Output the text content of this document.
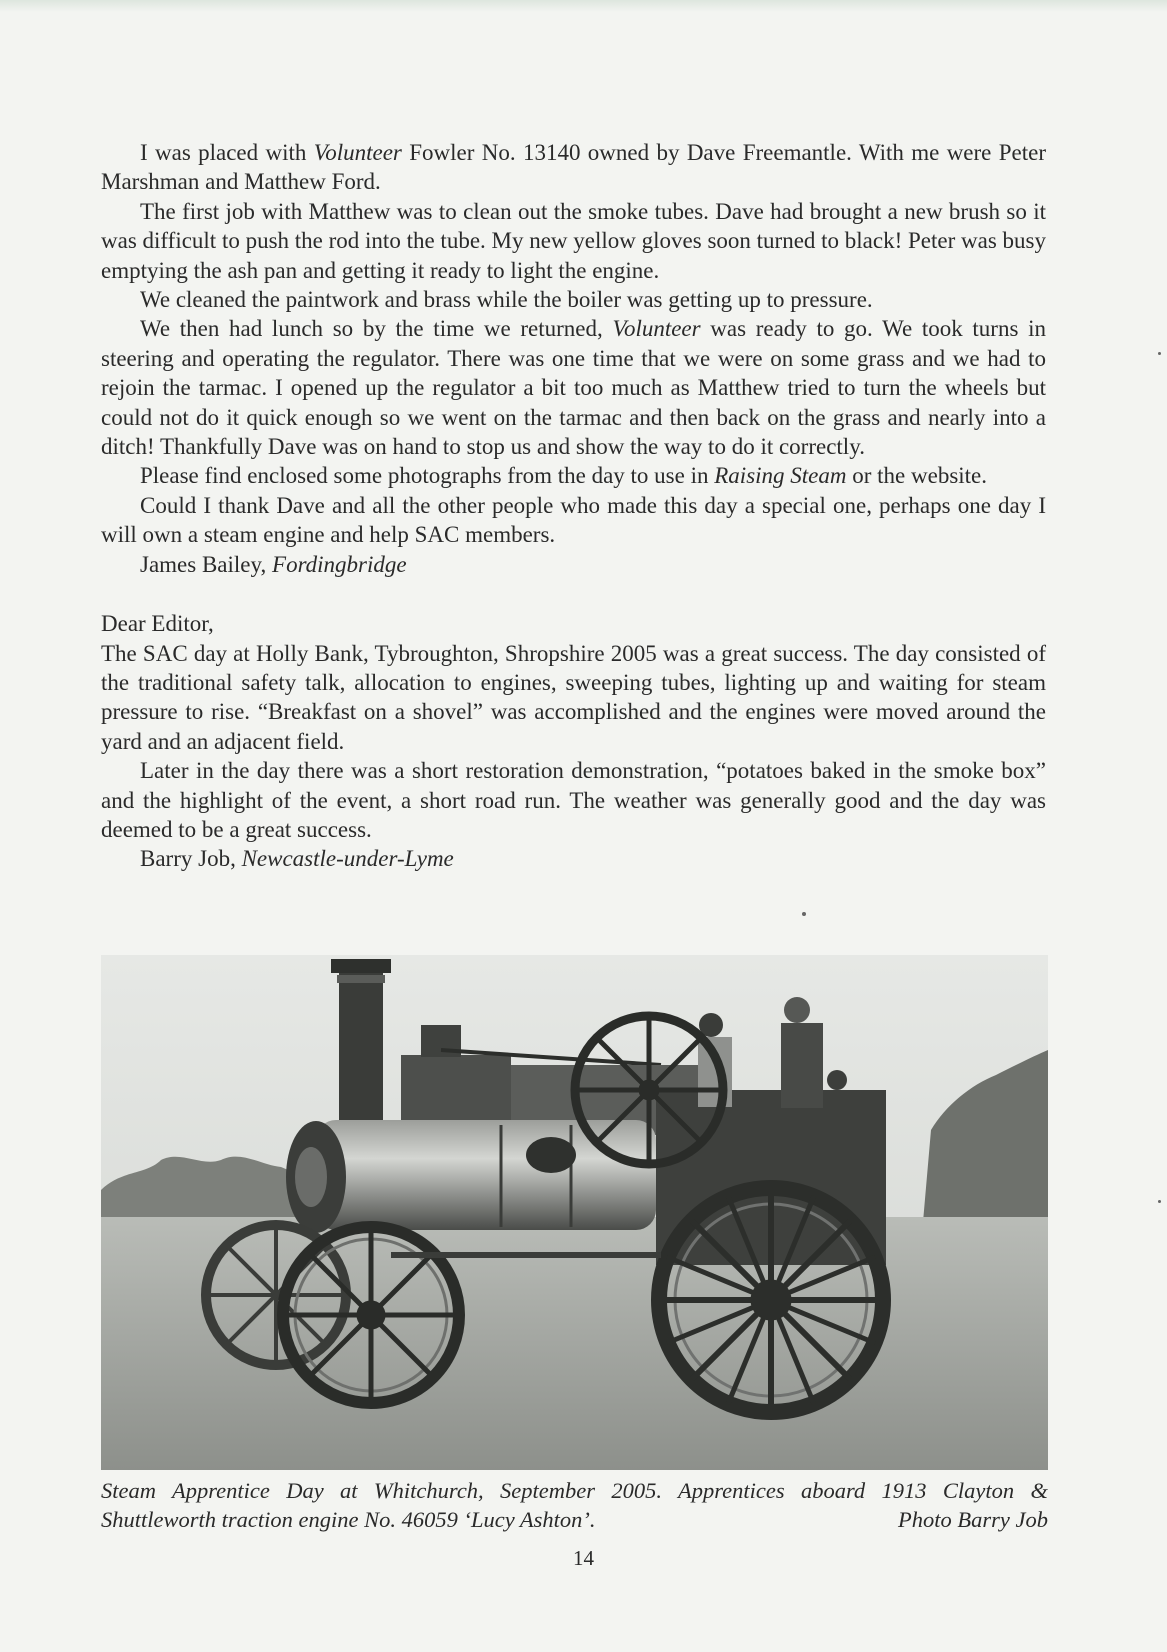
I was placed with Volunteer Fowler No. 13140 owned by Dave Freemantle. With me were Peter Marshman and Matthew Ford.

The first job with Matthew was to clean out the smoke tubes. Dave had brought a new brush so it was difficult to push the rod into the tube. My new yellow gloves soon turned to black! Peter was busy emptying the ash pan and getting it ready to light the engine.

We cleaned the paintwork and brass while the boiler was getting up to pressure.

We then had lunch so by the time we returned, Volunteer was ready to go. We took turns in steering and operating the regulator. There was one time that we were on some grass and we had to rejoin the tarmac. I opened up the regulator a bit too much as Matthew tried to turn the wheels but could not do it quick enough so we went on the tarmac and then back on the grass and nearly into a ditch! Thankfully Dave was on hand to stop us and show the way to do it correctly.

Please find enclosed some photographs from the day to use in Raising Steam or the website.

Could I thank Dave and all the other people who made this day a special one, perhaps one day I will own a steam engine and help SAC members.

James Bailey, Fordingbridge

Dear Editor,

The SAC day at Holly Bank, Tybroughton, Shropshire 2005 was a great success. The day consisted of the traditional safety talk, allocation to engines, sweeping tubes, lighting up and waiting for steam pressure to rise. “Breakfast on a shovel” was accomplished and the engines were moved around the yard and an adjacent field.

Later in the day there was a short restoration demonstration, “potatoes baked in the smoke box” and the highlight of the event, a short road run. The weather was generally good and the day was deemed to be a great success.

Barry Job, Newcastle-under-Lyme

Steam Apprentice Day at Whitchurch, September 2005. Apprentices aboard 1913 Clayton & Shuttleworth traction engine No. 46059 ‘Lucy Ashton’.	Photo Barry Job
14
